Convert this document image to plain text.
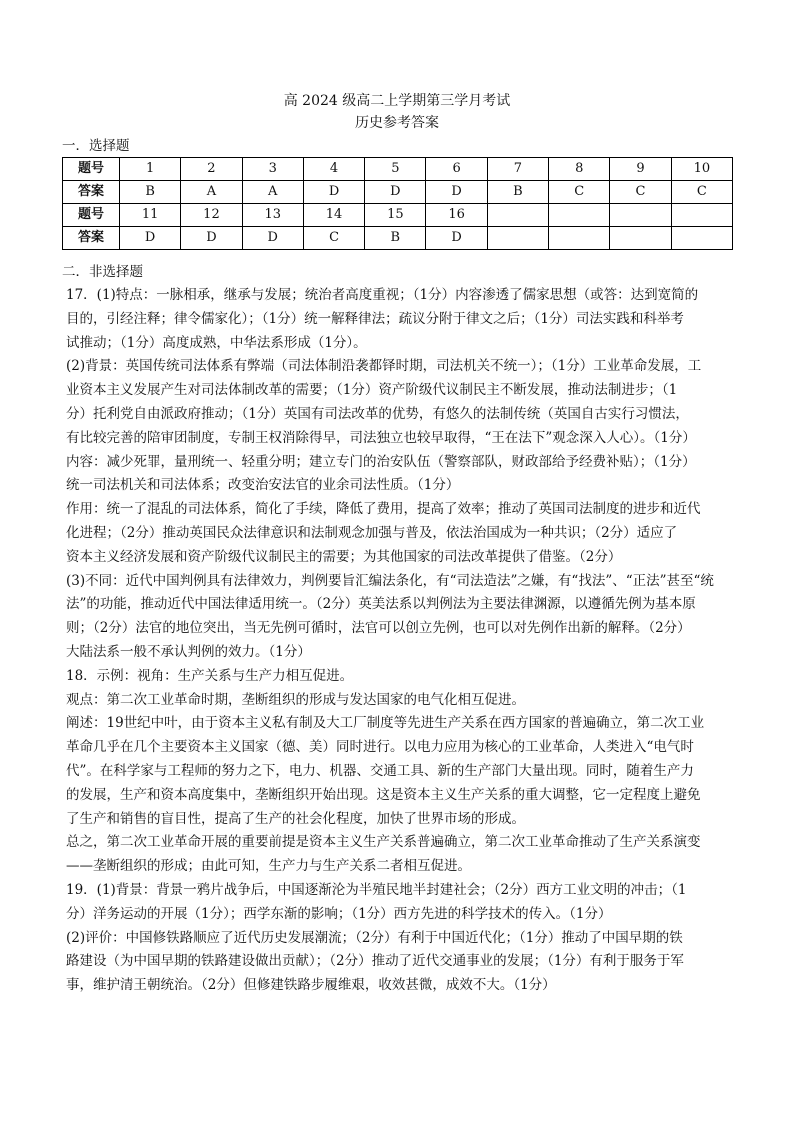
高 2024 级高二上学期第三学月考试
历史参考答案
一．选择题
题号	1	2	3	4	5	6	7	8	9	10
答案	B	A	A	D	D	D	B	C	C	C
题号	11	12	13	14	15	16				
答案	D	D	D	C	B	D				
二．非选择题

17．(1)特点：一脉相承，继承与发展；统治者高度重视；（1分）内容渗透了儒家思想（或答：达到宽简的

目的，引经注释；律令儒家化）；（1分）统一解释律法；疏议分附于律文之后；（1分）司法实践和科举考

试推动；（1分）高度成熟，中华法系形成（1分）。

(2)背景：英国传统司法体系有弊端（司法体制沿袭都铎时期，司法机关不统一）；（1分）工业革命发展，工

业资本主义发展产生对司法体制改革的需要；（1分）资产阶级代议制民主不断发展，推动法制进步；（1

分）托利党自由派政府推动；（1分）英国有司法改革的优势，有悠久的法制传统（英国自古实行习惯法，

有比较完善的陪审团制度，专制王权消除得早，司法独立也较早取得，“王在法下”观念深入人心）。（1分）

内容：减少死罪，量刑统一、轻重分明；建立专门的治安队伍（警察部队，财政部给予经费补贴）；（1分）

统一司法机关和司法体系；改变治安法官的业余司法性质。（1分）

作用：统一了混乱的司法体系，简化了手续，降低了费用，提高了效率；推动了英国司法制度的进步和近代

化进程；（2分）推动英国民众法律意识和法制观念加强与普及，依法治国成为一种共识；（2分）适应了

资本主义经济发展和资产阶级代议制民主的需要；为其他国家的司法改革提供了借鉴。（2分）

(3)不同：近代中国判例具有法律效力，判例要旨汇编法条化，有“司法造法”之嫌，有“找法”、“正法”甚至“统

法”的功能，推动近代中国法律适用统一。（2分）英美法系以判例法为主要法律渊源，以遵循先例为基本原

则；（2分）法官的地位突出，当无先例可循时，法官可以创立先例，也可以对先例作出新的解释。（2分）

大陆法系一般不承认判例的效力。（1分）

18．示例：视角：生产关系与生产力相互促进。

观点：第二次工业革命时期，垄断组织的形成与发达国家的电气化相互促进。

阐述：19世纪中叶，由于资本主义私有制及大工厂制度等先进生产关系在西方国家的普遍确立，第二次工业

革命几乎在几个主要资本主义国家（德、美）同时进行。以电力应用为核心的工业革命，人类进入“电气时

代”。在科学家与工程师的努力之下，电力、机器、交通工具、新的生产部门大量出现。同时，随着生产力

的发展，生产和资本高度集中，垄断组织开始出现。这是资本主义生产关系的重大调整，它一定程度上避免

了生产和销售的盲目性，提高了生产的社会化程度，加快了世界市场的形成。

总之，第二次工业革命开展的重要前提是资本主义生产关系普遍确立，第二次工业革命推动了生产关系演变

——垄断组织的形成；由此可知，生产力与生产关系二者相互促进。

19．(1)背景：背景一鸦片战争后，中国逐渐沦为半殖民地半封建社会；（2分）西方工业文明的冲击；（1

分）洋务运动的开展（1分）；西学东渐的影响；（1分）西方先进的科学技术的传入。（1分）

(2)评价：中国修铁路顺应了近代历史发展潮流；（2分）有利于中国近代化；（1分）推动了中国早期的铁

路建设（为中国早期的铁路建设做出贡献）；（2分）推动了近代交通事业的发展；（1分）有利于服务于军

事，维护清王朝统治。（2分）但修建铁路步履维艰，收效甚微，成效不大。（1分）
